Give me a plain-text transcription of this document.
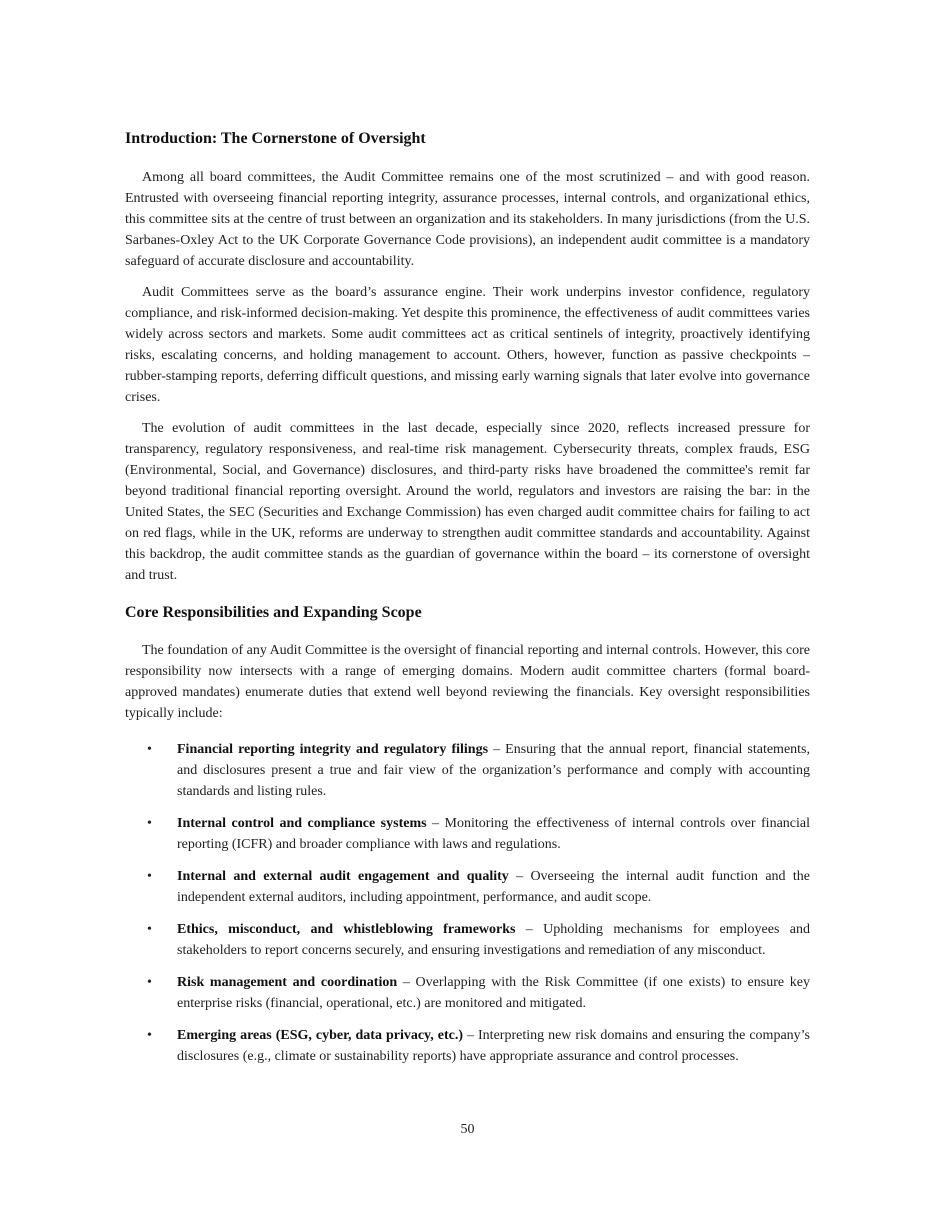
Introduction: The Cornerstone of Oversight

Among all board committees, the Audit Committee remains one of the most scrutinized – and with good reason. Entrusted with overseeing financial reporting integrity, assurance processes, internal controls, and organizational ethics, this committee sits at the centre of trust between an organization and its stakeholders. In many jurisdictions (from the U.S. Sarbanes-Oxley Act to the UK Corporate Governance Code provisions), an independent audit committee is a mandatory safeguard of accurate disclosure and accountability.

Audit Committees serve as the board’s assurance engine. Their work underpins investor confidence, regulatory compliance, and risk-informed decision-making. Yet despite this prominence, the effectiveness of audit committees varies widely across sectors and markets. Some audit committees act as critical sentinels of integrity, proactively identifying risks, escalating concerns, and holding management to account. Others, however, function as passive checkpoints – rubber-stamping reports, deferring difficult questions, and missing early warning signals that later evolve into governance crises.

The evolution of audit committees in the last decade, especially since 2020, reflects increased pressure for transparency, regulatory responsiveness, and real-time risk management. Cybersecurity threats, complex frauds, ESG (Environmental, Social, and Governance) disclosures, and third-party risks have broadened the committee's remit far beyond traditional financial reporting oversight. Around the world, regulators and investors are raising the bar: in the United States, the SEC (Securities and Exchange Commission) has even charged audit committee chairs for failing to act on red flags, while in the UK, reforms are underway to strengthen audit committee standards and accountability. Against this backdrop, the audit committee stands as the guardian of governance within the board – its cornerstone of oversight and trust.

Core Responsibilities and Expanding Scope

The foundation of any Audit Committee is the oversight of financial reporting and internal controls. However, this core responsibility now intersects with a range of emerging domains. Modern audit committee charters (formal board-approved mandates) enumerate duties that extend well beyond reviewing the financials. Key oversight responsibilities typically include:

• Financial reporting integrity and regulatory filings – Ensuring that the annual report, financial statements, and disclosures present a true and fair view of the organization’s performance and comply with accounting standards and listing rules.
• Internal control and compliance systems – Monitoring the effectiveness of internal controls over financial reporting (ICFR) and broader compliance with laws and regulations.
• Internal and external audit engagement and quality – Overseeing the internal audit function and the independent external auditors, including appointment, performance, and audit scope.
• Ethics, misconduct, and whistleblowing frameworks – Upholding mechanisms for employees and stakeholders to report concerns securely, and ensuring investigations and remediation of any misconduct.
• Risk management and coordination – Overlapping with the Risk Committee (if one exists) to ensure key enterprise risks (financial, operational, etc.) are monitored and mitigated.
• Emerging areas (ESG, cyber, data privacy, etc.) – Interpreting new risk domains and ensuring the company’s disclosures (e.g., climate or sustainability reports) have appropriate assurance and control processes.
50
